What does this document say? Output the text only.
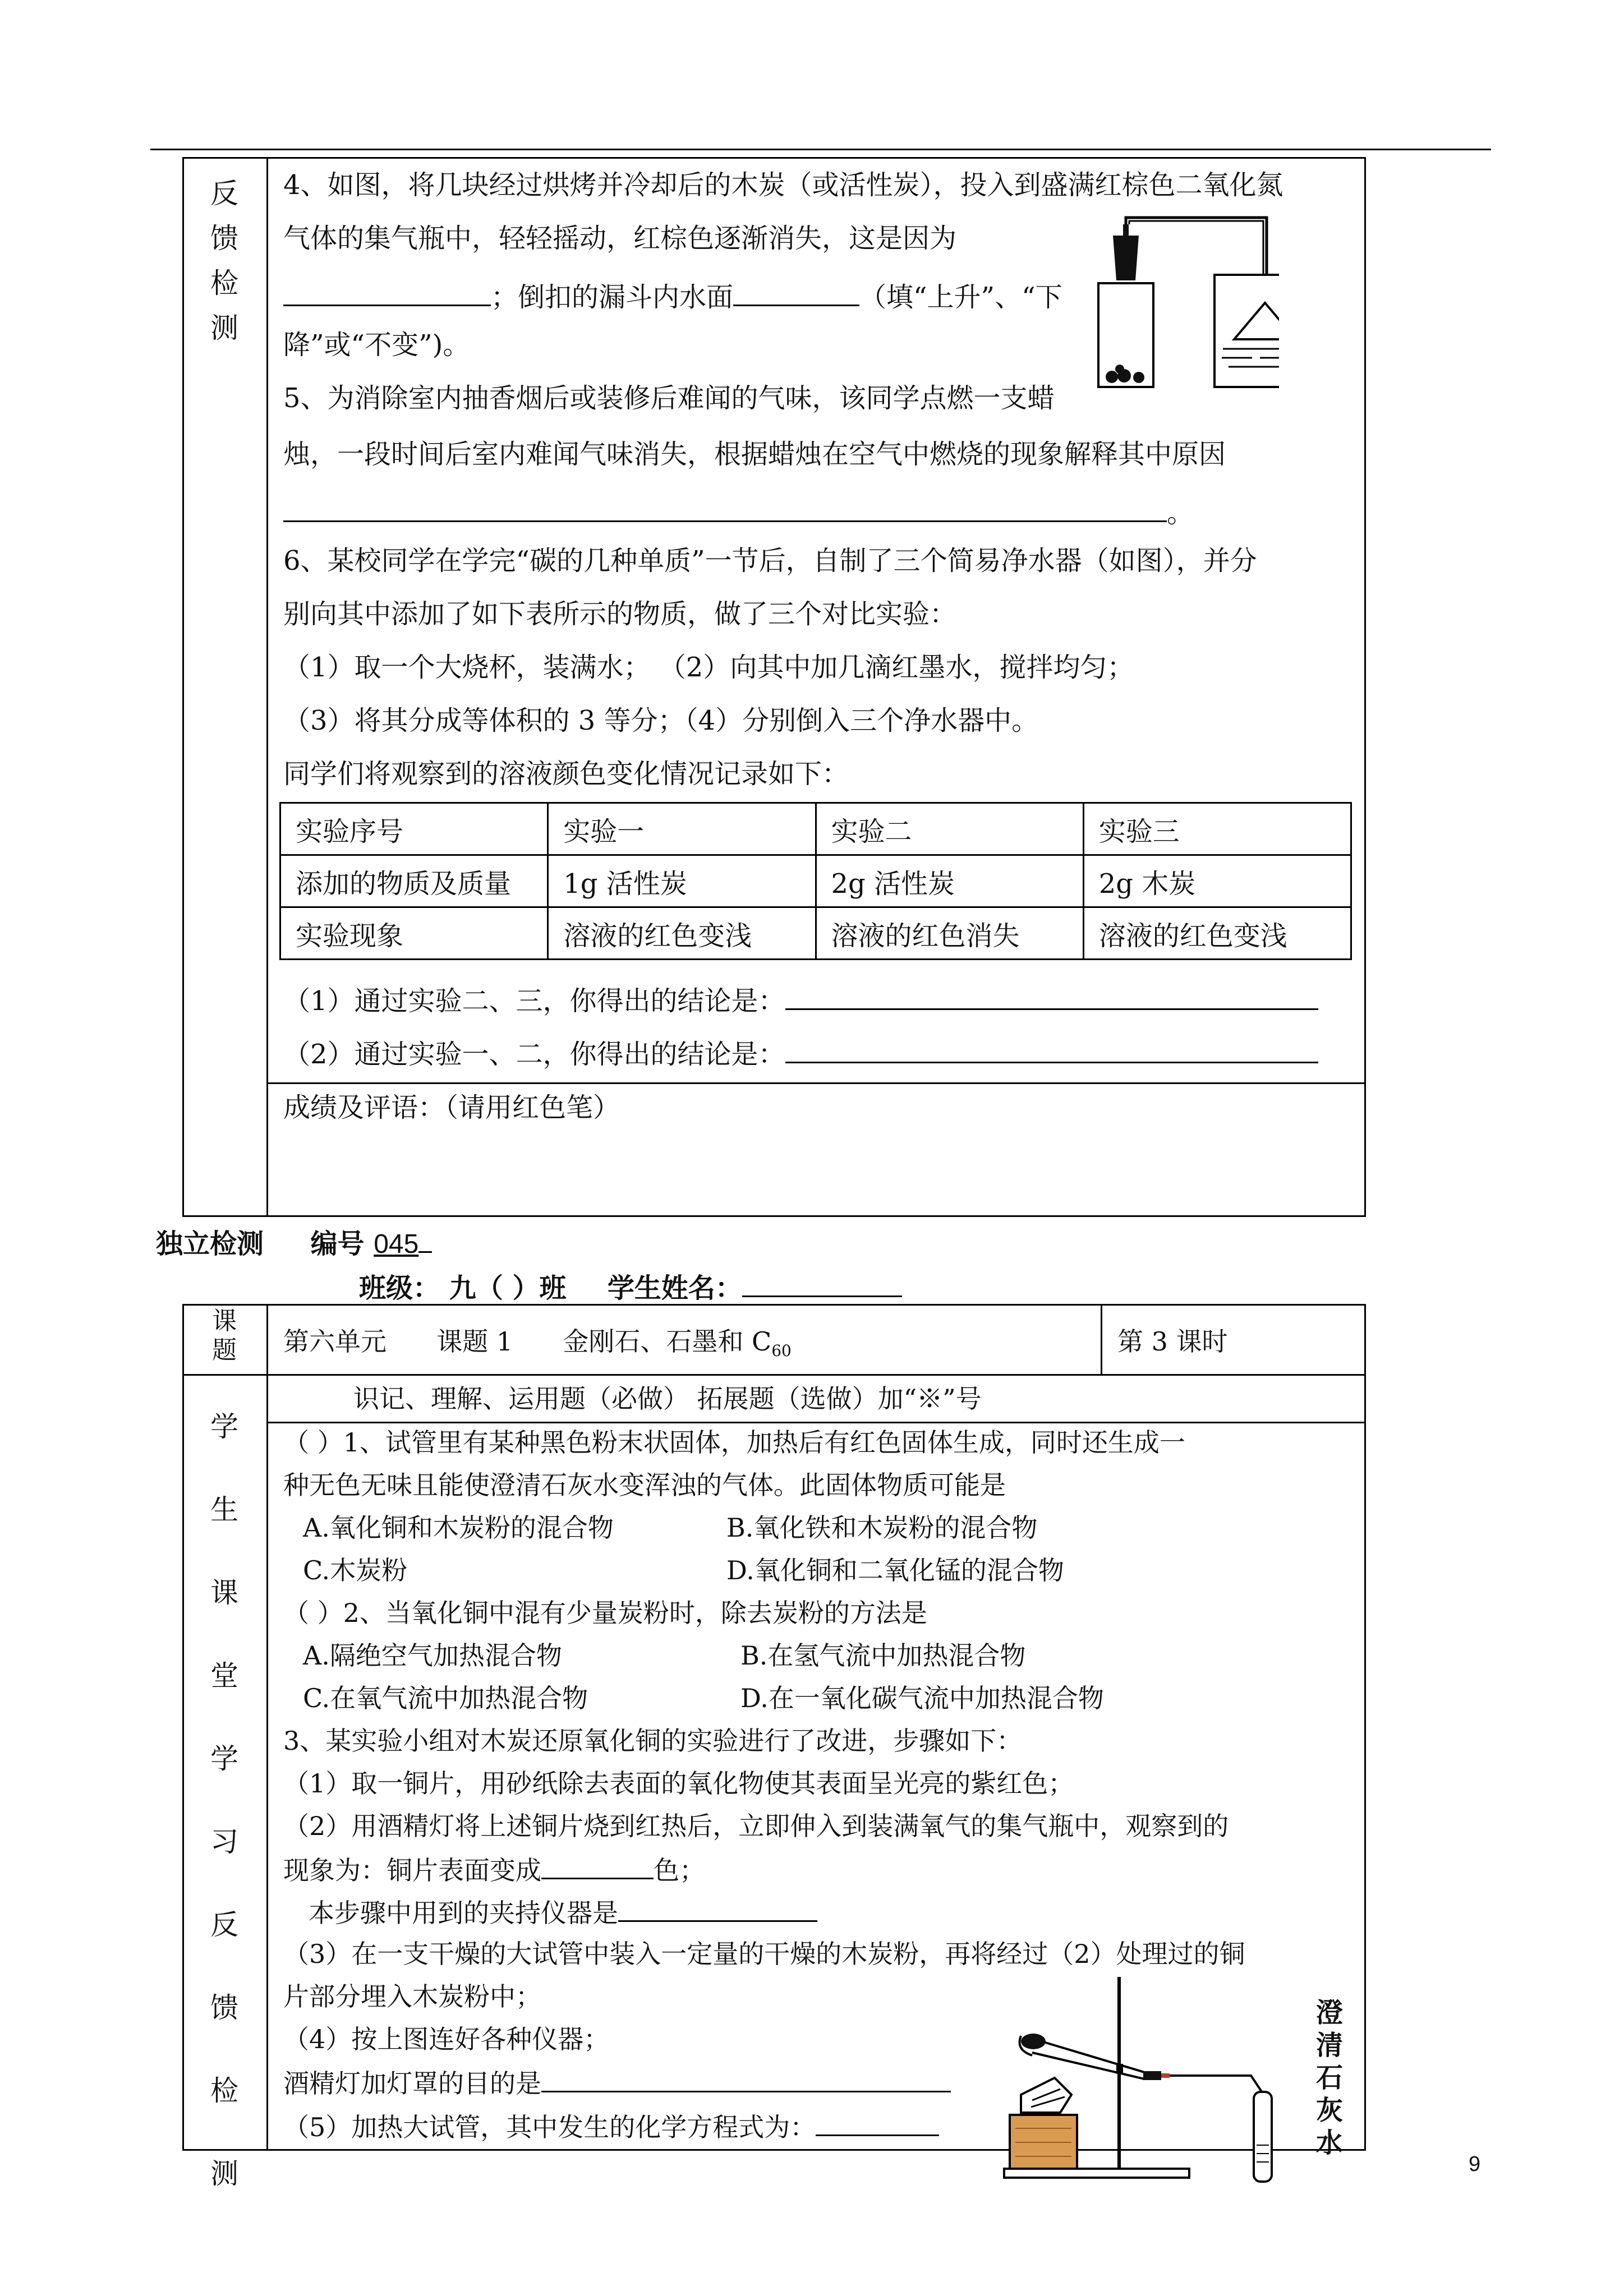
反
馈
检
测
4、如图，将几块经过烘烤并冷却后的木炭（或活性炭），投入到盛满红棕色二氧化氮
气体的集气瓶中，轻轻摇动，红棕色逐渐消失，这是因为
；倒扣的漏斗内水面	（填“上升”、“下
降”或“不变”)。
5、为消除室内抽香烟后或装修后难闻的气味，该同学点燃一支蜡
烛，一段时间后室内难闻气味消失，根据蜡烛在空气中燃烧的现象解释其中原因
。
6、某校同学在学完“碳的几种单质”一节后，自制了三个简易净水器（如图），并分
别向其中添加了如下表所示的物质，做了三个对比实验：
（1）取一个大烧杯，装满水； （2）向其中加几滴红墨水，搅拌均匀；
（3）将其分成等体积的 3 等分；（4）分别倒入三个净水器中。
同学们将观察到的溶液颜色变化情况记录如下：
实验序号	实验一	实验二	实验三
添加的物质及质量	1g 活性炭	2g 活性炭	2g 木炭
实验现象	溶液的红色变浅	溶液的红色消失	溶液的红色变浅
（1）通过实验二、三，你得出的结论是：
（2）通过实验一、二，你得出的结论是：
成绩及评语：（请用红色笔）
独立检测 编号 045
班级： 九（ ）班 学生姓名：
课
题	第六单元 课题 1 金刚石、石墨和 $C_{60}$	第 3 课时
学
生
课
堂
学
习
反
馈
检
测
识记、理解、运用题（必做） 拓展题（选做）加“※”号
（ ）1、试管里有某种黑色粉末状固体，加热后有红色固体生成，同时还生成一
种无色无味且能使澄清石灰水变浑浊的气体。此固体物质可能是
A.氧化铜和木炭粉的混合物	B.氧化铁和木炭粉的混合物
C.木炭粉	D.氧化铜和二氧化锰的混合物
（ ）2、当氧化铜中混有少量炭粉时，除去炭粉的方法是
A.隔绝空气加热混合物	B.在氢气流中加热混合物
C.在氧气流中加热混合物	D.在一氧化碳气流中加热混合物
3、某实验小组对木炭还原氧化铜的实验进行了改进，步骤如下：
（1）取一铜片，用砂纸除去表面的氧化物使其表面呈光亮的紫红色；
（2）用酒精灯将上述铜片烧到红热后，立即伸入到装满氧气的集气瓶中，观察到的
现象为：铜片表面变成	色；
本步骤中用到的夹持仪器是
（3）在一支干燥的大试管中装入一定量的干燥的木炭粉，再将经过（2）处理过的铜
片部分埋入木炭粉中；
（4）按上图连好各种仪器；
酒精灯加灯罩的目的是
（5）加热大试管，其中发生的化学方程式为：
澄
清
石
灰
水
9
